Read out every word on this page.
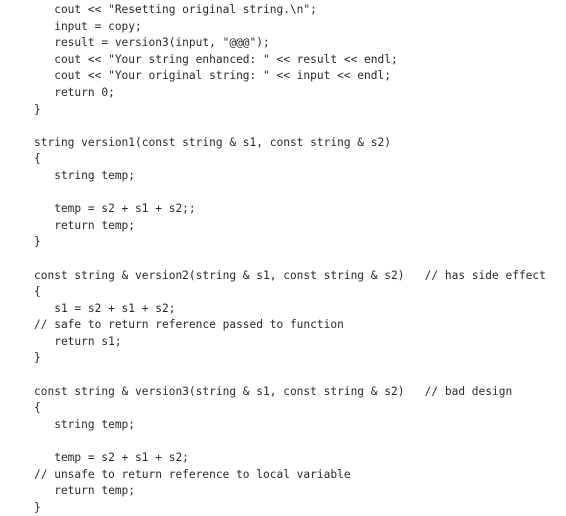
cout << "Resetting original string.\n";
input = copy;
result = version3(input, "@@@");
cout << "Your string enhanced: " << result << endl;
cout << "Your original string: " << input << endl;
return 0;
}
string version1(const string & s1, const string & s2)
{
string temp;
temp = s2 + s1 + s2;;
return temp;
}
const string & version2(string & s1, const string & s2)   // has side effect
{
s1 = s2 + s1 + s2;
// safe to return reference passed to function
return s1;
}
const string & version3(string & s1, const string & s2)   // bad design
{
string temp;
temp = s2 + s1 + s2;
// unsafe to return reference to local variable
return temp;
}
